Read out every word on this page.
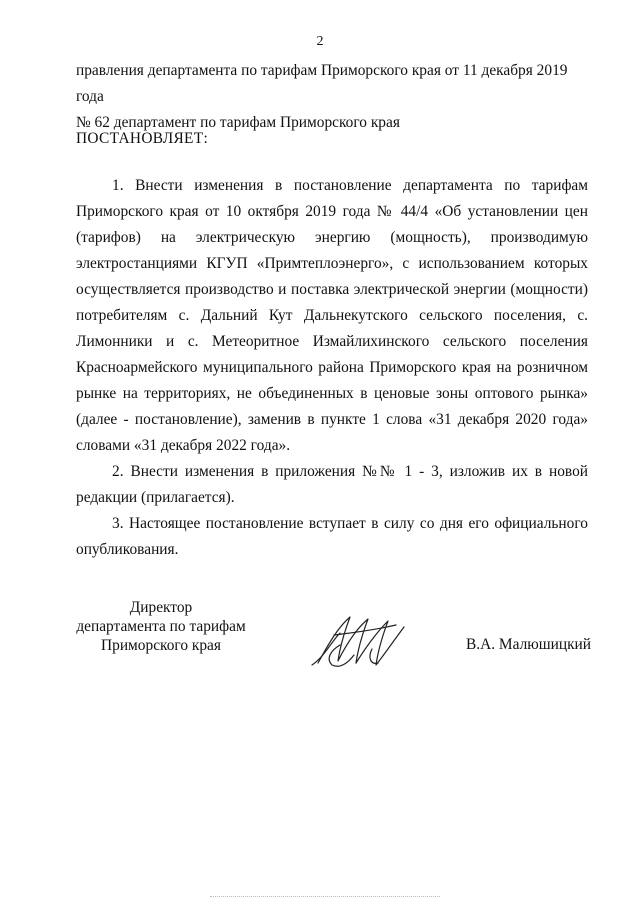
2

правления департамента по тарифам Приморского края от 11 декабря 2019 года

№ 62 департамент по тарифам Приморского края

ПОСТАНОВЛЯЕТ:

1. Внести изменения в постановление департамента по тарифам Приморского края от 10 октября 2019 года № 44/4 «Об установлении цен (тарифов) на электрическую энергию (мощность), производимую электростанциями КГУП «Примтеплоэнерго», с использованием которых осуществляется производство и поставка электрической энергии (мощности) потребителям с. Дальний Кут Дальнекутского сельского поселения, с. Лимонники и с. Метеоритное Измайлихинского сельского поселения Красноармейского муниципального района Приморского края на розничном рынке на территориях, не объединенных в ценовые зоны оптового рынка» (далее - постановление), заменив в пункте 1 слова «31 декабря 2020 года» словами «31 декабря 2022 года».

2. Внести изменения в приложения №№ 1 - 3, изложив их в новой редакции (прилагается).

3. Настоящее постановление вступает в силу со дня его официального опубликования.

Директор
департамента по тарифам
Приморского края	В.А. Малюшицкий
